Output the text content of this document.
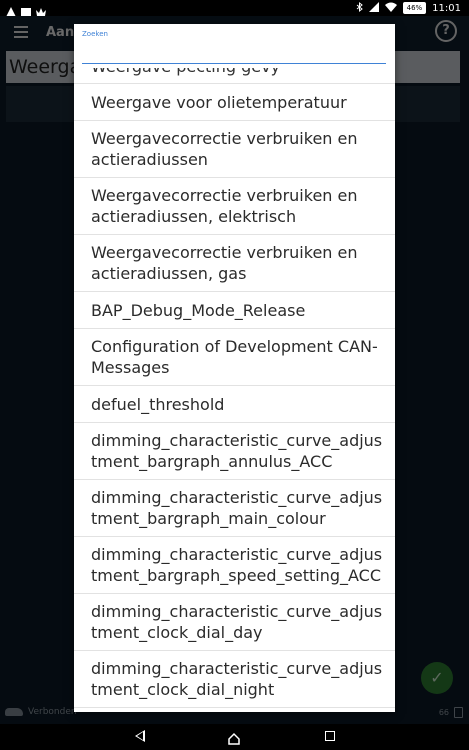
46%	11:01
Zoeken
Weergave voor olietemperatuur
Weergavecorrectie verbruiken en actieradiussen
Weergavecorrectie verbruiken en actieradiussen, elektrisch
Weergavecorrectie verbruiken en actieradiussen, gas
BAP_Debug_Mode_Release
Configuration of Development CAN-Messages
defuel_threshold
dimming_characteristic_curve_adjustment_bargraph_annulus_ACC
dimming_characteristic_curve_adjustment_bargraph_main_colour
dimming_characteristic_curve_adjustment_bargraph_speed_setting_ACC
dimming_characteristic_curve_adjustment_clock_dial_day
dimming_characteristic_curve_adjustment_clock_dial_night
